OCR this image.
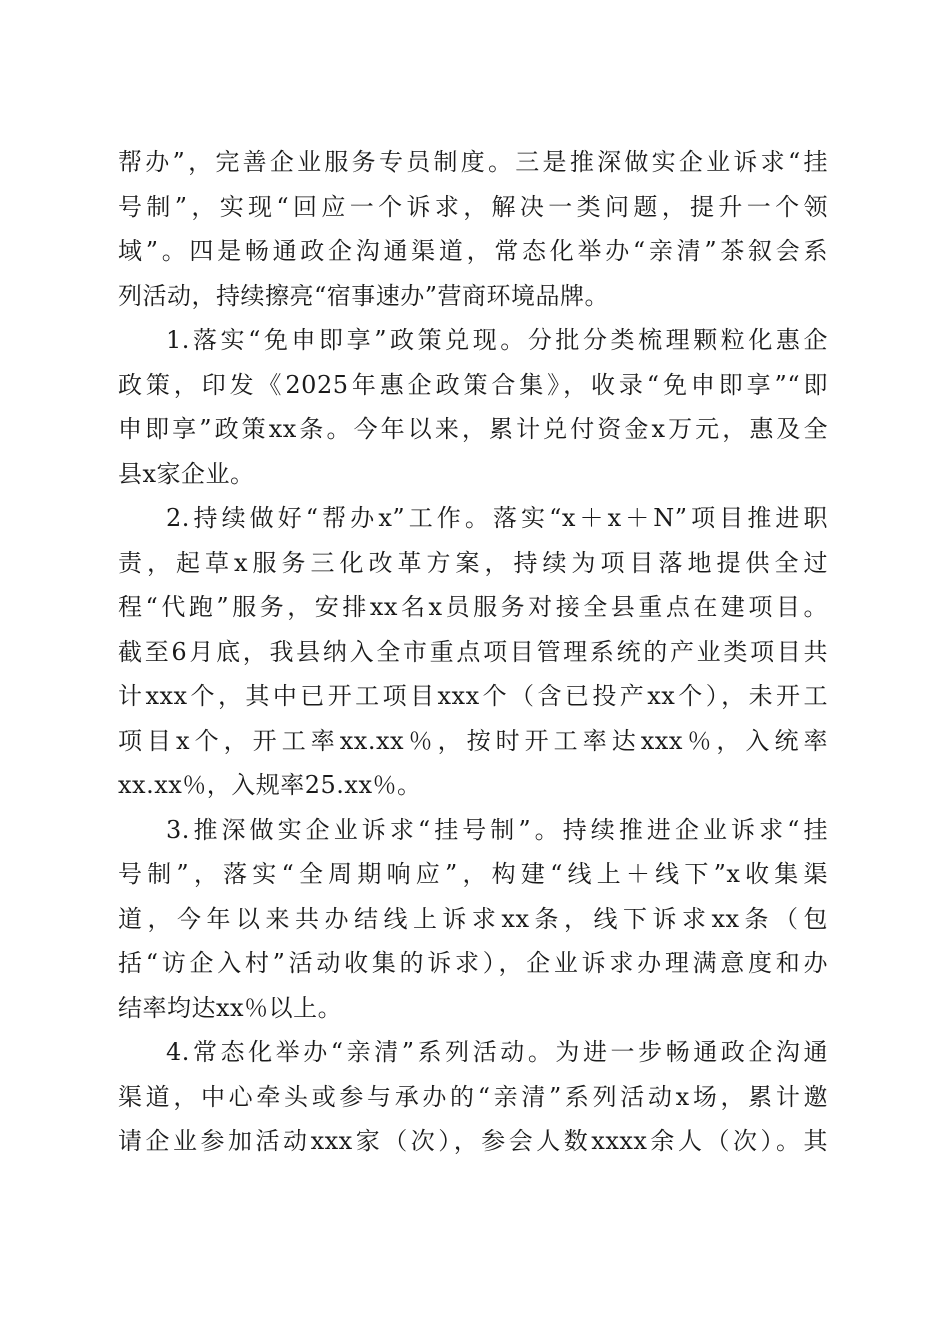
帮办”，完善企业服务专员制度。三是推深做实企业诉求“挂
号制”，实现“回应一个诉求，解决一类问题，提升一个领
域”。四是畅通政企沟通渠道，常态化举办“亲清”茶叙会系
列活动，持续擦亮“宿事速办”营商环境品牌。

1.落实“免申即享”政策兑现。分批分类梳理颗粒化惠企
政策，印发《2025年惠企政策合集》，收录“免申即享”“即
申即享”政策xx条。今年以来，累计兑付资金x万元，惠及全
县x家企业。

2.持续做好“帮办x”工作。落实“x＋x＋N”项目推进职
责，起草x服务三化改革方案，持续为项目落地提供全过
程“代跑”服务，安排xx名x员服务对接全县重点在建项目。
截至6月底，我县纳入全市重点项目管理系统的产业类项目共
计xxx个，其中已开工项目xxx个（含已投产xx个），未开工
项目x个，开工率xx.xx％，按时开工率达xxx％，入统率
xx.xx％，入规率25.xx％。

3.推深做实企业诉求“挂号制”。持续推进企业诉求“挂
号制”，落实“全周期响应”，构建“线上＋线下”x收集渠
道，今年以来共办结线上诉求xx条，线下诉求xx条（包
括“访企入村”活动收集的诉求），企业诉求办理满意度和办
结率均达xx％以上。

4.常态化举办“亲清”系列活动。为进一步畅通政企沟通
渠道，中心牵头或参与承办的“亲清”系列活动x场，累计邀
请企业参加活动xxx家（次），参会人数xxxx余人（次）。其
